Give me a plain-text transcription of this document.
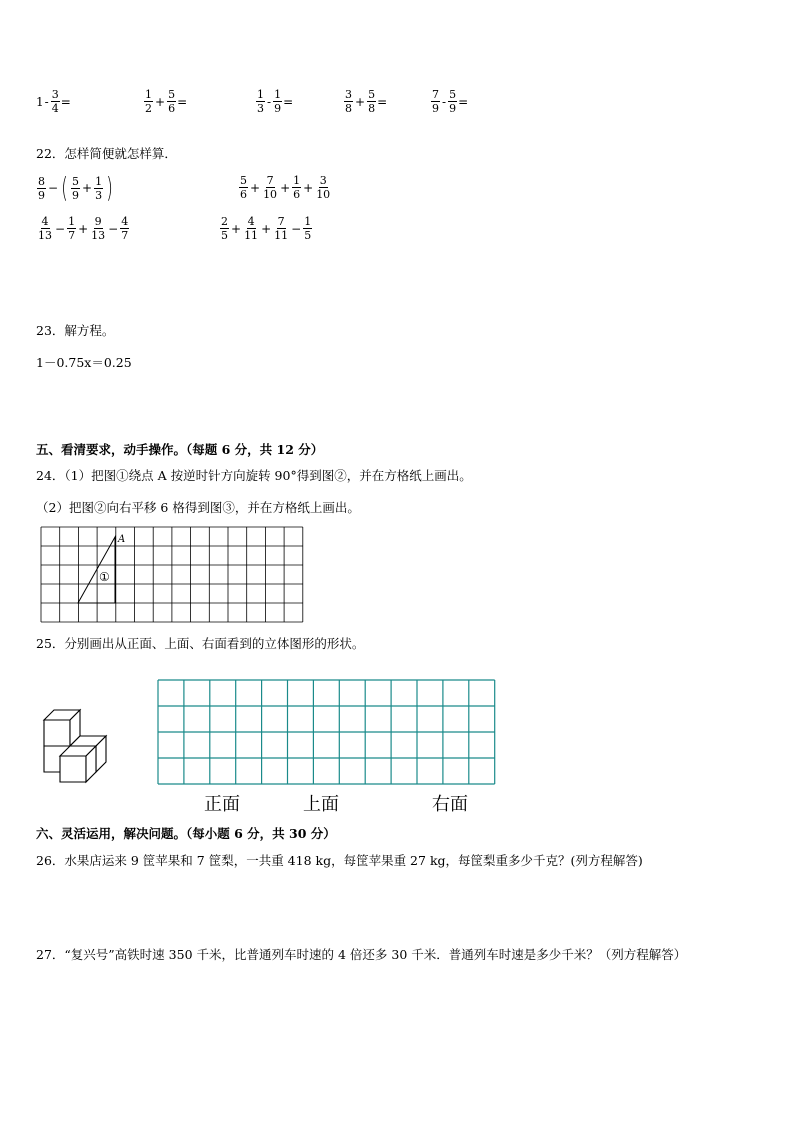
$1 - \frac{3}{4}$ =	$\frac{1}{2} + \frac{5}{6}$ =	$\frac{1}{3} - \frac{1}{9}$ =	$\frac{3}{8} + \frac{5}{8}$ =	$\frac{7}{9} - \frac{5}{9}$ =
22．怎样简便就怎样算．
$\frac{8}{9}$ − ( $\frac{5}{9} + \frac{1}{3}$ )	$\frac{5}{6} + \frac{7}{10} + \frac{1}{6} + \frac{3}{10}$
$\frac{4}{13} - \frac{1}{7} + \frac{9}{13} - \frac{4}{7}$	$\frac{2}{5} + \frac{4}{11} + \frac{7}{11} - \frac{1}{5}$
23．解方程。
1－0.75x＝0.25
五、看清要求，动手操作。（每题 6 分，共 12 分）
24．（1）把图①绕点 A 按逆时针方向旋转 90°得到图②，并在方格纸上画出。
（2）把图②向右平移 6 格得到图③，并在方格纸上画出。
A
①
25．分别画出从正面、上面、右面看到的立体图形的形状。
正面	上面	右面
六、灵活运用，解决问题。（每小题 6 分，共 30 分）
26．水果店运来 9 筐苹果和 7 筐梨，一共重 418 kg，每筐苹果重 27 kg，每筐梨重多少千克？(列方程解答)
27．“复兴号”高铁时速 350 千米，比普通列车时速的 4 倍还多 30 千米．普通列车时速是多少千米？（列方程解答）
